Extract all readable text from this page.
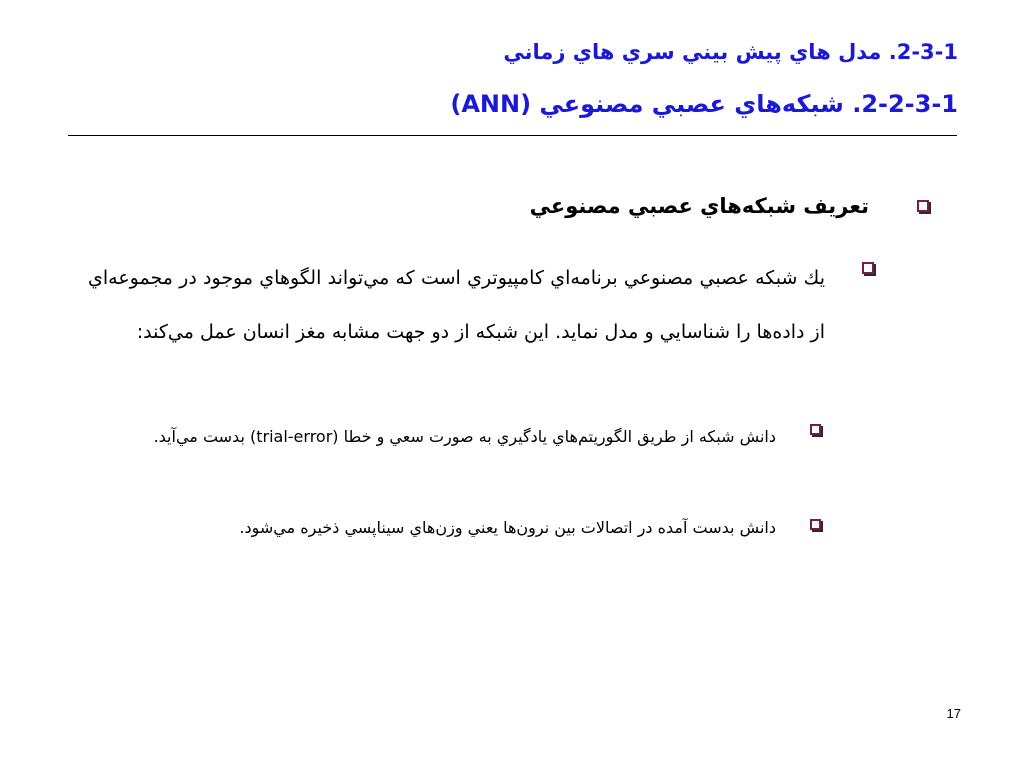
2-3-1. مدل هاي پيش بيني سري هاي زماني
2-2-3-1. شبكه‌هاي عصبي مصنوعي (ANN)
تعريف شبكه‌هاي عصبي مصنوعي
يك شبكه عصبي مصنوعي برنامه‌اي كامپيوتري است كه مي‌تواند الگوهاي موجود در مجموعه‌اي از داده‌ها را شناسايي و مدل نمايد. اين شبكه از دو جهت مشابه مغز انسان عمل مي‌كند:
دانش شبكه از طريق الگوريتم‌هاي يادگيري به صورت سعي و خطا (trial-error) بدست مي‌آيد.
دانش بدست آمده در اتصالات بين نرون‌ها يعني وزن‌هاي سيناپسي ذخيره مي‌شود.
17
